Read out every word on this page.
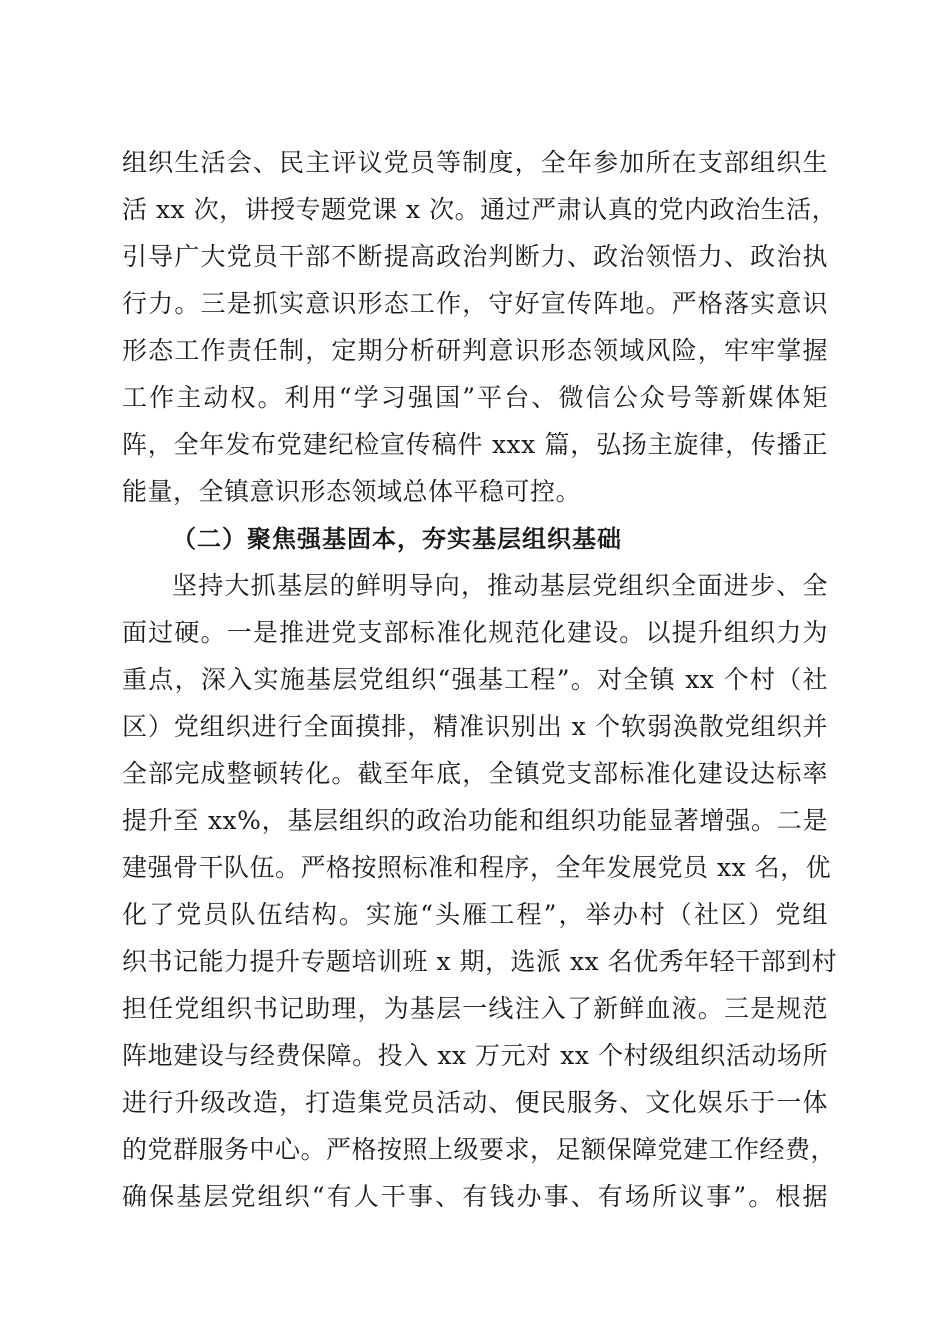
组织生活会、民主评议党员等制度，全年参加所在支部组织生
活 xx 次，讲授专题党课 x 次。通过严肃认真的党内政治生活，
引导广大党员干部不断提高政治判断力、政治领悟力、政治执
行力。三是抓实意识形态工作，守好宣传阵地。严格落实意识
形态工作责任制，定期分析研判意识形态领域风险，牢牢掌握
工作主动权。利用“学习强国”平台、微信公众号等新媒体矩
阵，全年发布党建纪检宣传稿件 xxx 篇，弘扬主旋律，传播正
能量，全镇意识形态领域总体平稳可控。
（二）聚焦强基固本，夯实基层组织基础
坚持大抓基层的鲜明导向，推动基层党组织全面进步、全
面过硬。一是推进党支部标准化规范化建设。以提升组织力为
重点，深入实施基层党组织“强基工程”。对全镇 xx 个村（社
区）党组织进行全面摸排，精准识别出 x 个软弱涣散党组织并
全部完成整顿转化。截至年底，全镇党支部标准化建设达标率
提升至 xx%，基层组织的政治功能和组织功能显著增强。二是
建强骨干队伍。严格按照标准和程序，全年发展党员 xx 名，优
化了党员队伍结构。实施“头雁工程”，举办村（社区）党组
织书记能力提升专题培训班 x 期，选派 xx 名优秀年轻干部到村
担任党组织书记助理，为基层一线注入了新鲜血液。三是规范
阵地建设与经费保障。投入 xx 万元对 xx 个村级组织活动场所
进行升级改造，打造集党员活动、便民服务、文化娱乐于一体
的党群服务中心。严格按照上级要求，足额保障党建工作经费，
确保基层党组织“有人干事、有钱办事、有场所议事”。根据
